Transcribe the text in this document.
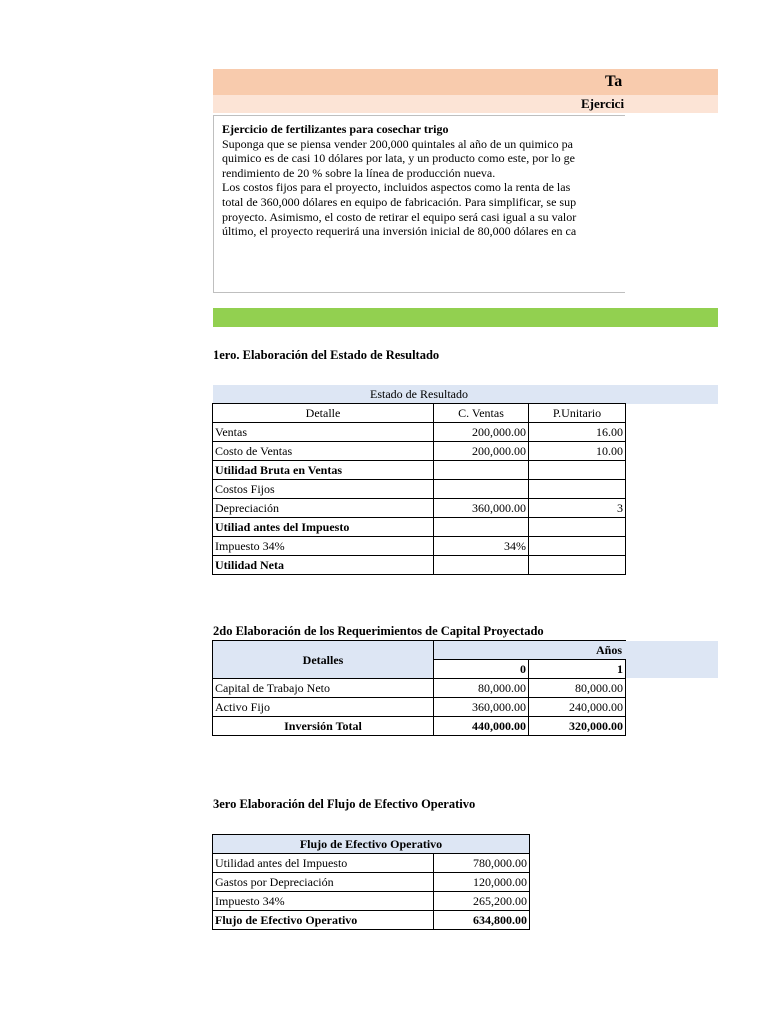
Ta
Ejercici
Ejercicio de fertilizantes para cosechar trigo
Suponga que se piensa vender 200,000 quintales al año de un quimico pa
quimico es de casi 10 dólares por lata, y un producto como este, por lo ge
rendimiento de 20 % sobre la línea de producción nueva.
Los costos fijos para el proyecto, incluidos aspectos como la renta de las
total de 360,000 dólares en equipo de fabricación. Para simplificar, se sup
proyecto. Asimismo, el costo de retirar el equipo será casi igual a su valor
último, el proyecto requerirá una inversión inicial de 80,000 dólares en ca
1ero. Elaboración del Estado de Resultado
Estado de Resultado
Detalle	C. Ventas	P.Unitario	
Ventas	200,000.00	16.00	
Costo de Ventas	200,000.00	10.00	
Utilidad Bruta en Ventas			
Costos Fijos			
Depreciación	360,000.00	3	
Utiliad antes del Impuesto			
Impuesto 34%	34%		
Utilidad Neta			
2do Elaboración de los Requerimientos de Capital Proyectado
Detalles	Años		
	0	1	
Capital de Trabajo Neto	80,000.00	80,000.00	
Activo Fijo	360,000.00	240,000.00	
Inversión Total	440,000.00	320,000.00	
3ero Elaboración del Flujo de Efectivo Operativo
Flujo de Efectivo Operativo	
Utilidad antes del Impuesto	780,000.00
Gastos por Depreciación	120,000.00
Impuesto 34%	265,200.00
Flujo de Efectivo Operativo	634,800.00
